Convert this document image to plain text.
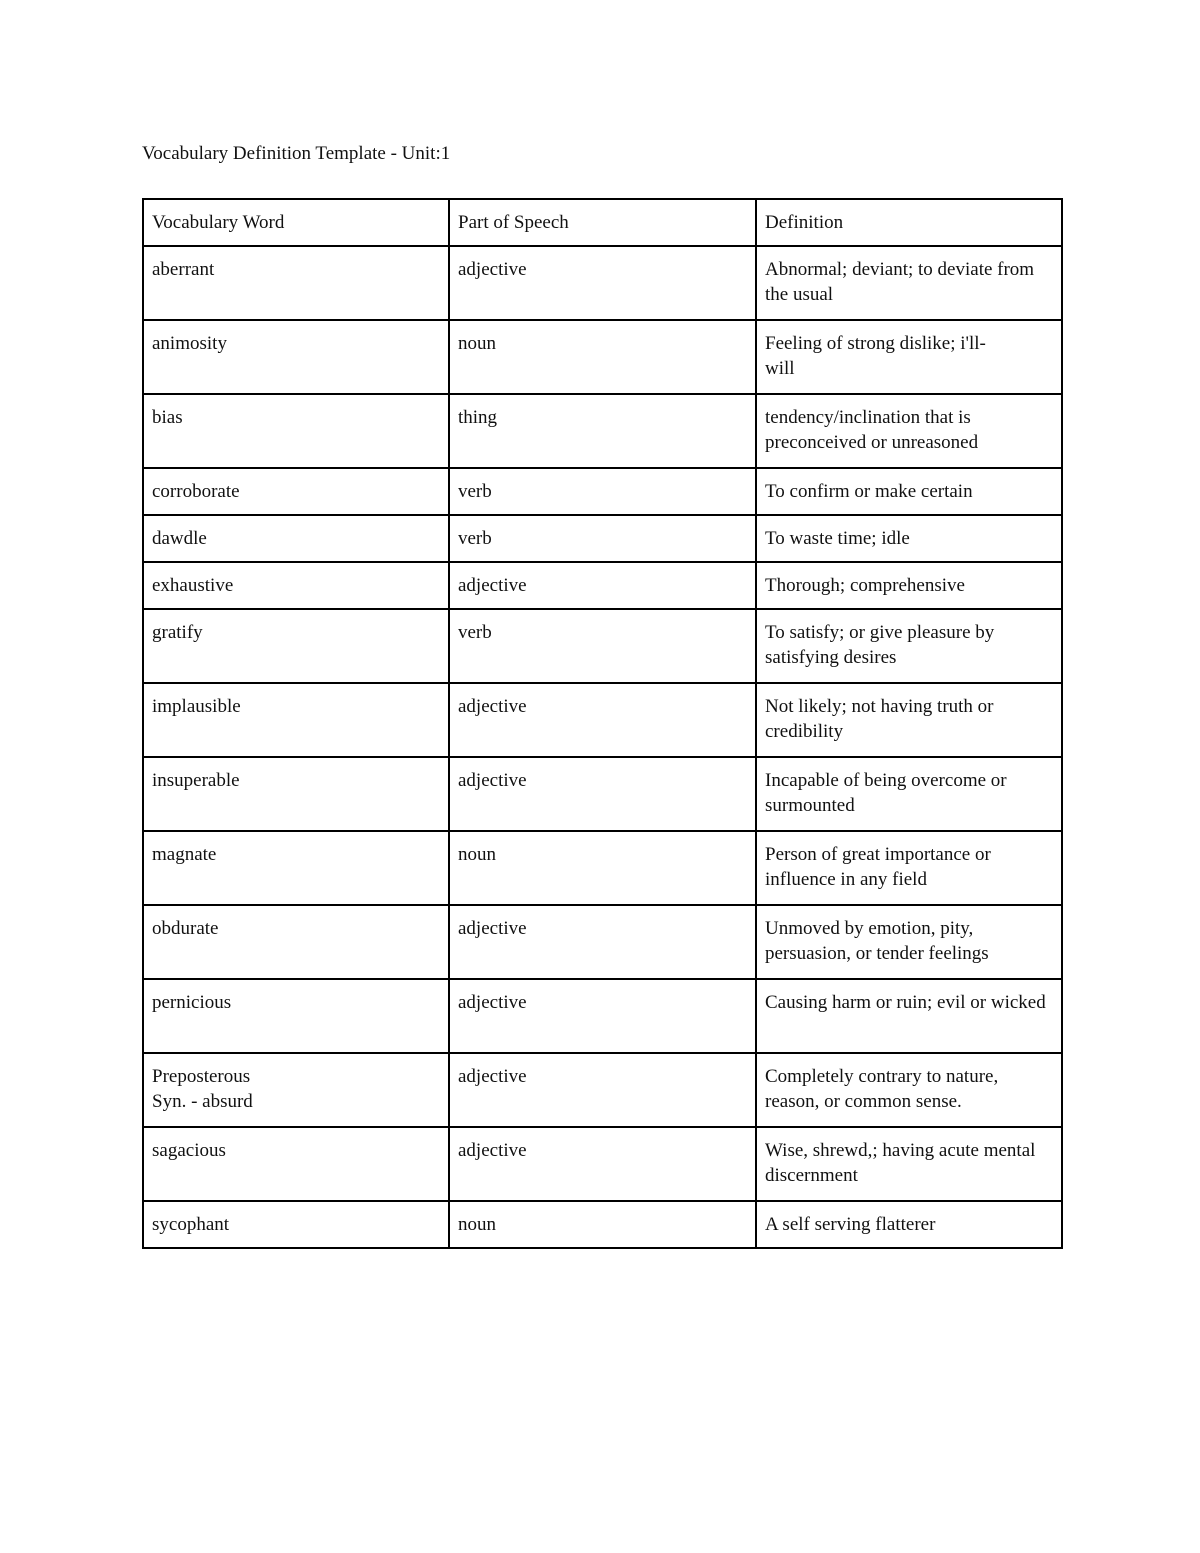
Vocabulary Definition Template - Unit:1
Vocabulary Word	Part of Speech	Definition
aberrant	adjective	Abnormal; deviant; to deviate from the usual
animosity	noun	Feeling of strong dislike; i'll-
will
bias	thing	tendency/inclination that is preconceived or unreasoned
corroborate	verb	To confirm or make certain
dawdle	verb	To waste time; idle
exhaustive	adjective	Thorough; comprehensive
gratify	verb	To satisfy; or give pleasure by satisfying desires
implausible	adjective	Not likely; not having truth or credibility
insuperable	adjective	Incapable of being overcome or surmounted
magnate	noun	Person of great importance or influence in any field
obdurate	adjective	Unmoved by emotion, pity, persuasion, or tender feelings
pernicious	adjective	Causing harm or ruin; evil or wicked
Preposterous
Syn. - absurd	adjective	Completely contrary to nature, reason, or common sense.
sagacious	adjective	Wise, shrewd,; having acute mental discernment
sycophant	noun	A self serving flatterer
